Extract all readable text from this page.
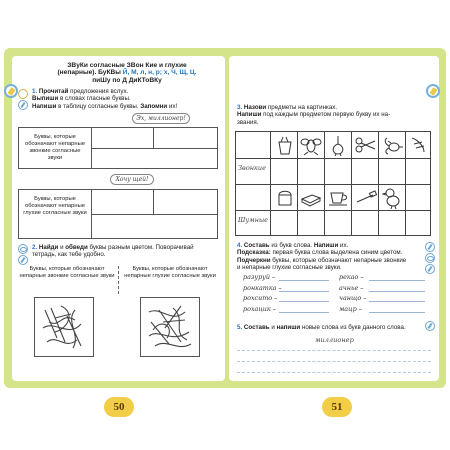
ЗВуКи согласные ЗВон Кие и глухие
(непарные). БуКВы Й, М, л, н, р; х, Ч, Щ, Ц.
пиШу по Д ДиКТоВКу
1. Прочитай предложения вслух.
Выпиши в словах гласные буквы.
Напиши в таблицу согласные буквы. Запомни их!
Эх, миллионер!
Буквы, которые обозначают непарные звонкие согласные звуки
Хочу щей!
Буквы, которые обозначают непарные глухие согласные звуки
2. Найди и обведи буквы разным цветом. Поворачивай
тетрадь, как тебе удобно.
Буквы, которые обозначают непарные звонкие согласные звуки
Буквы, которые обозначают непарные глухие согласные звуки
50
3. Назови предметы на картинках.
Напиши под каждым предметом первую букву их на-
звания.
Звонкие
Шумные
4. Составь из букв слова. Напиши их.
Подсказка: первая буква слова выделена синим цветом.
Подчеркни буквы, которые обозначают непарные звонкие
и непарные глухие согласные звуки.
разуруй –
ронкатка –
рохсито –
рохацик –
рекао –
ачнье –
чанщо –
мацр –
5. Составь и напиши новые слова из букв данного слова.
миллионер
51
